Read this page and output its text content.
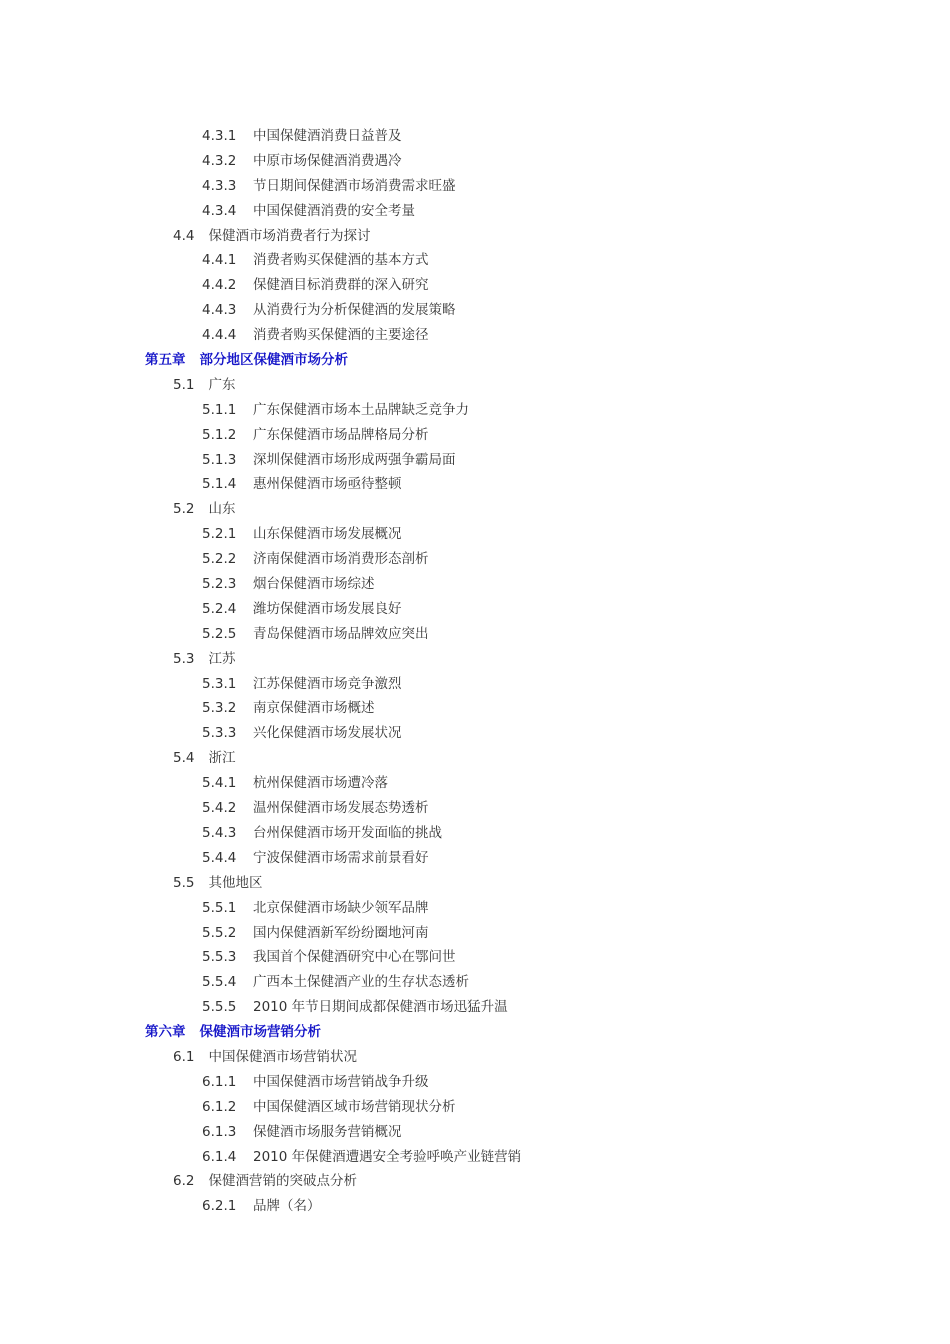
4.3.1 中国保健酒消费日益普及
4.3.2 中原市场保健酒消费遇冷
4.3.3 节日期间保健酒市场消费需求旺盛
4.3.4 中国保健酒消费的安全考量
4.4 保健酒市场消费者行为探讨
4.4.1 消费者购买保健酒的基本方式
4.4.2 保健酒目标消费群的深入研究
4.4.3 从消费行为分析保健酒的发展策略
4.4.4 消费者购买保健酒的主要途径
第五章 部分地区保健酒市场分析
5.1 广东
5.1.1 广东保健酒市场本土品牌缺乏竞争力
5.1.2 广东保健酒市场品牌格局分析
5.1.3 深圳保健酒市场形成两强争霸局面
5.1.4 惠州保健酒市场亟待整顿
5.2 山东
5.2.1 山东保健酒市场发展概况
5.2.2 济南保健酒市场消费形态剖析
5.2.3 烟台保健酒市场综述
5.2.4 潍坊保健酒市场发展良好
5.2.5 青岛保健酒市场品牌效应突出
5.3 江苏
5.3.1 江苏保健酒市场竞争激烈
5.3.2 南京保健酒市场概述
5.3.3 兴化保健酒市场发展状况
5.4 浙江
5.4.1 杭州保健酒市场遭冷落
5.4.2 温州保健酒市场发展态势透析
5.4.3 台州保健酒市场开发面临的挑战
5.4.4 宁波保健酒市场需求前景看好
5.5 其他地区
5.5.1 北京保健酒市场缺少领军品牌
5.5.2 国内保健酒新军纷纷圈地河南
5.5.3 我国首个保健酒研究中心在鄂问世
5.5.4 广西本土保健酒产业的生存状态透析
5.5.5 2010 年节日期间成都保健酒市场迅猛升温
第六章 保健酒市场营销分析
6.1 中国保健酒市场营销状况
6.1.1 中国保健酒市场营销战争升级
6.1.2 中国保健酒区域市场营销现状分析
6.1.3 保健酒市场服务营销概况
6.1.4 2010 年保健酒遭遇安全考验呼唤产业链营销
6.2 保健酒营销的突破点分析
6.2.1 品牌（名）
